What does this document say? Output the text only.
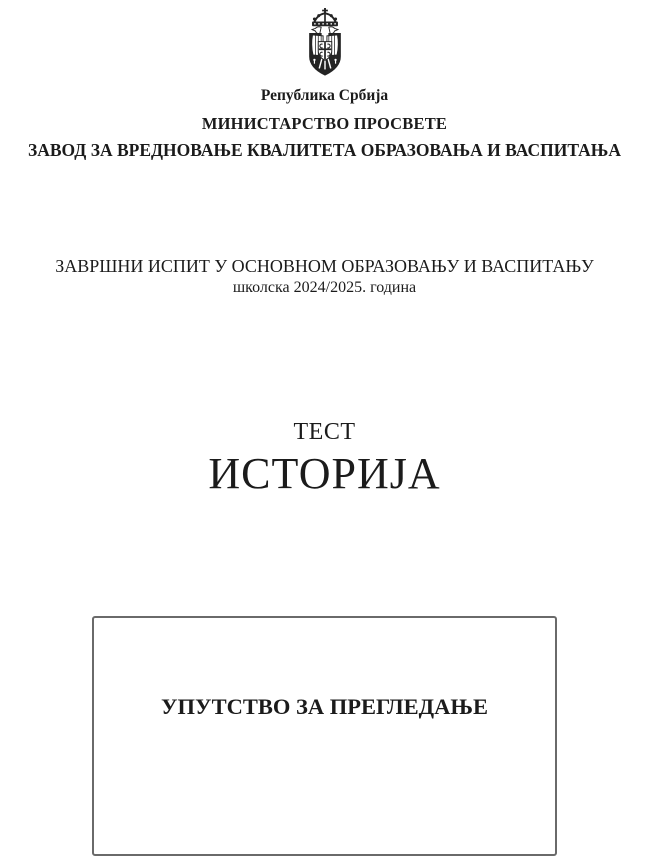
Република Србија
МИНИСТАРСТВО ПРОСВЕТЕ
ЗАВОД ЗА ВРЕДНОВАЊЕ КВАЛИТЕТА ОБРАЗОВАЊА И ВАСПИТАЊА
ЗАВРШНИ ИСПИТ У ОСНОВНОМ ОБРАЗОВАЊУ И ВАСПИТАЊУ
школска 2024/2025. година
ТЕСТ
ИСТОРИЈА
УПУТСТВО ЗА ПРЕГЛЕДАЊЕ
